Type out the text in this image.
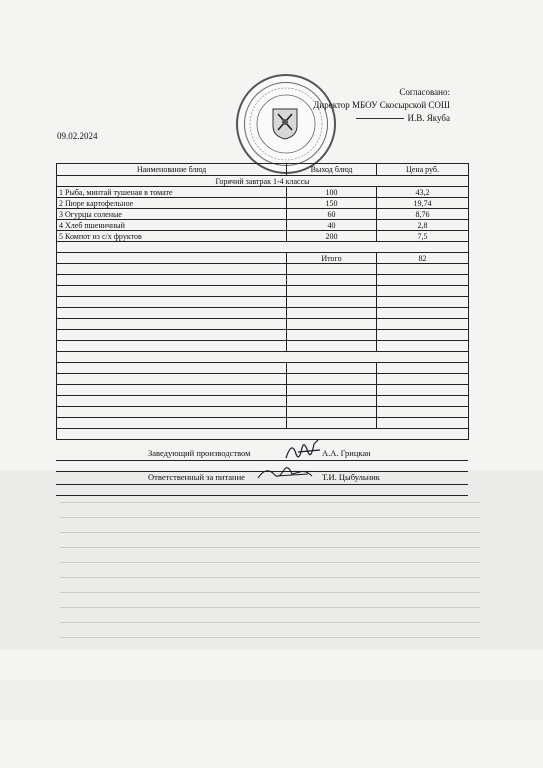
Согласовано:
Директор МБОУ Скосырской СОШ
И.В. Якуба
09.02.2024
Наименование блюд	Выход блюд	Цена руб.
Горячий завтрак 1-4 классы		
1 Рыба, минтай тушеная в томате	100	43,2
2 Пюре картофельное	150	19,74
3 Огурцы соленые	60	8,76
4 Хлеб пшеничный	40	2,8
5 Компот из с/х фруктов	200	7,5

	Итого	82

Заведующий производством	А.А. Грицкан
Ответственный за питание	Т.И. Цыбульник
